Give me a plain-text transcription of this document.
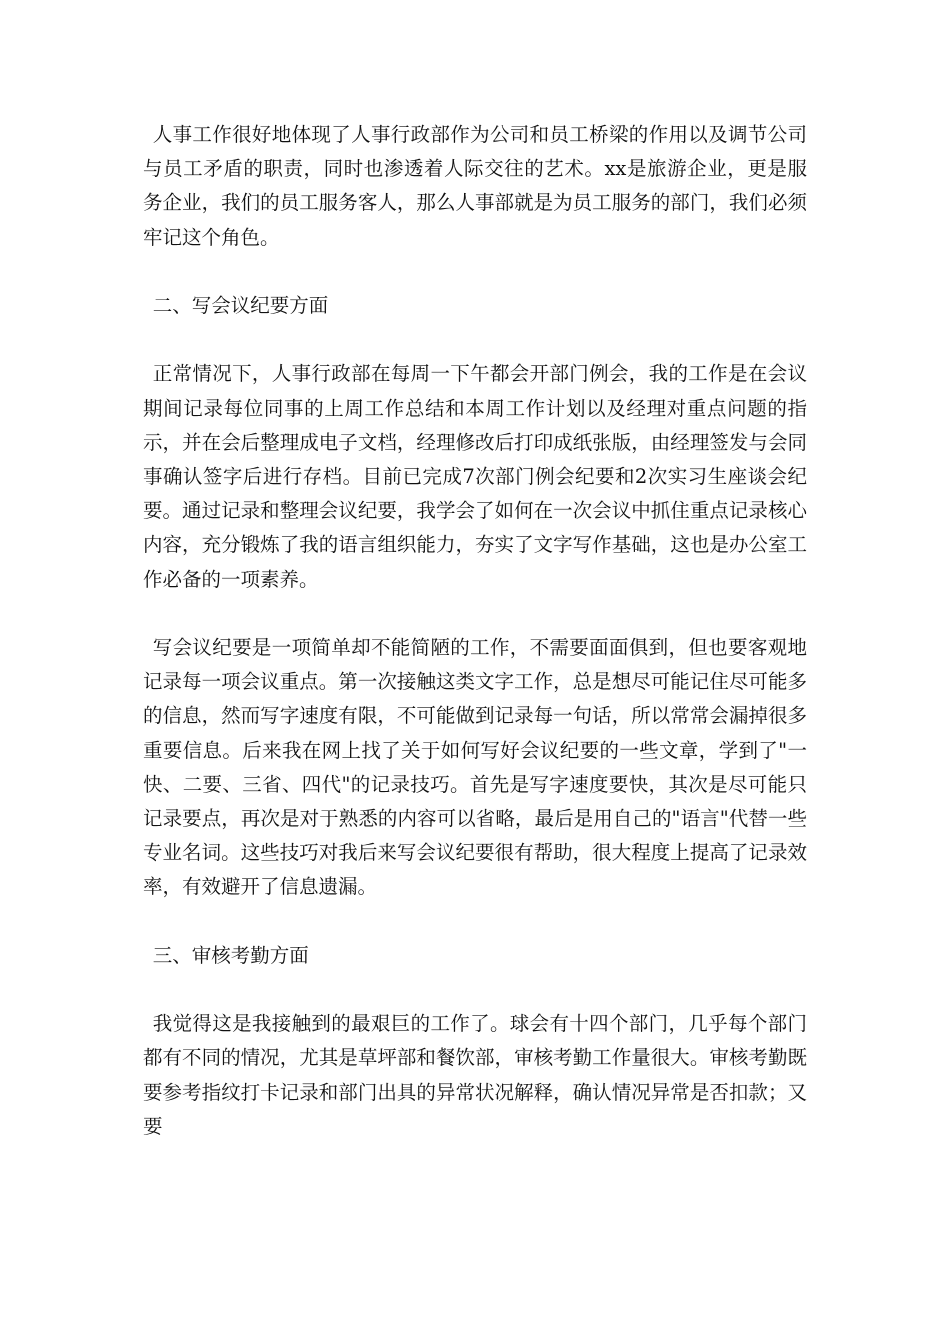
人事工作很好地体现了人事行政部作为公司和员工桥梁的作用以及调节公司与员工矛盾的职责，同时也渗透着人际交往的艺术。xx是旅游企业，更是服务企业，我们的员工服务客人，那么人事部就是为员工服务的部门，我们必须牢记这个角色。

二、写会议纪要方面

正常情况下，人事行政部在每周一下午都会开部门例会，我的工作是在会议期间记录每位同事的上周工作总结和本周工作计划以及经理对重点问题的指示，并在会后整理成电子文档，经理修改后打印成纸张版，由经理签发与会同事确认签字后进行存档。目前已完成7次部门例会纪要和2次实习生座谈会纪要。通过记录和整理会议纪要，我学会了如何在一次会议中抓住重点记录核心内容，充分锻炼了我的语言组织能力，夯实了文字写作基础，这也是办公室工作必备的一项素养。

写会议纪要是一项简单却不能简陋的工作，不需要面面俱到，但也要客观地记录每一项会议重点。第一次接触这类文字工作，总是想尽可能记住尽可能多的信息，然而写字速度有限，不可能做到记录每一句话，所以常常会漏掉很多重要信息。后来我在网上找了关于如何写好会议纪要的一些文章，学到了"一快、二要、三省、四代"的记录技巧。首先是写字速度要快，其次是尽可能只记录要点，再次是对于熟悉的内容可以省略，最后是用自己的"语言"代替一些专业名词。这些技巧对我后来写会议纪要很有帮助，很大程度上提高了记录效率，有效避开了信息遗漏。

三、审核考勤方面

我觉得这是我接触到的最艰巨的工作了。球会有十四个部门，几乎每个部门都有不同的情况，尤其是草坪部和餐饮部，审核考勤工作量很大。审核考勤既要参考指纹打卡记录和部门出具的异常状况解释，确认情况异常是否扣款；又要
